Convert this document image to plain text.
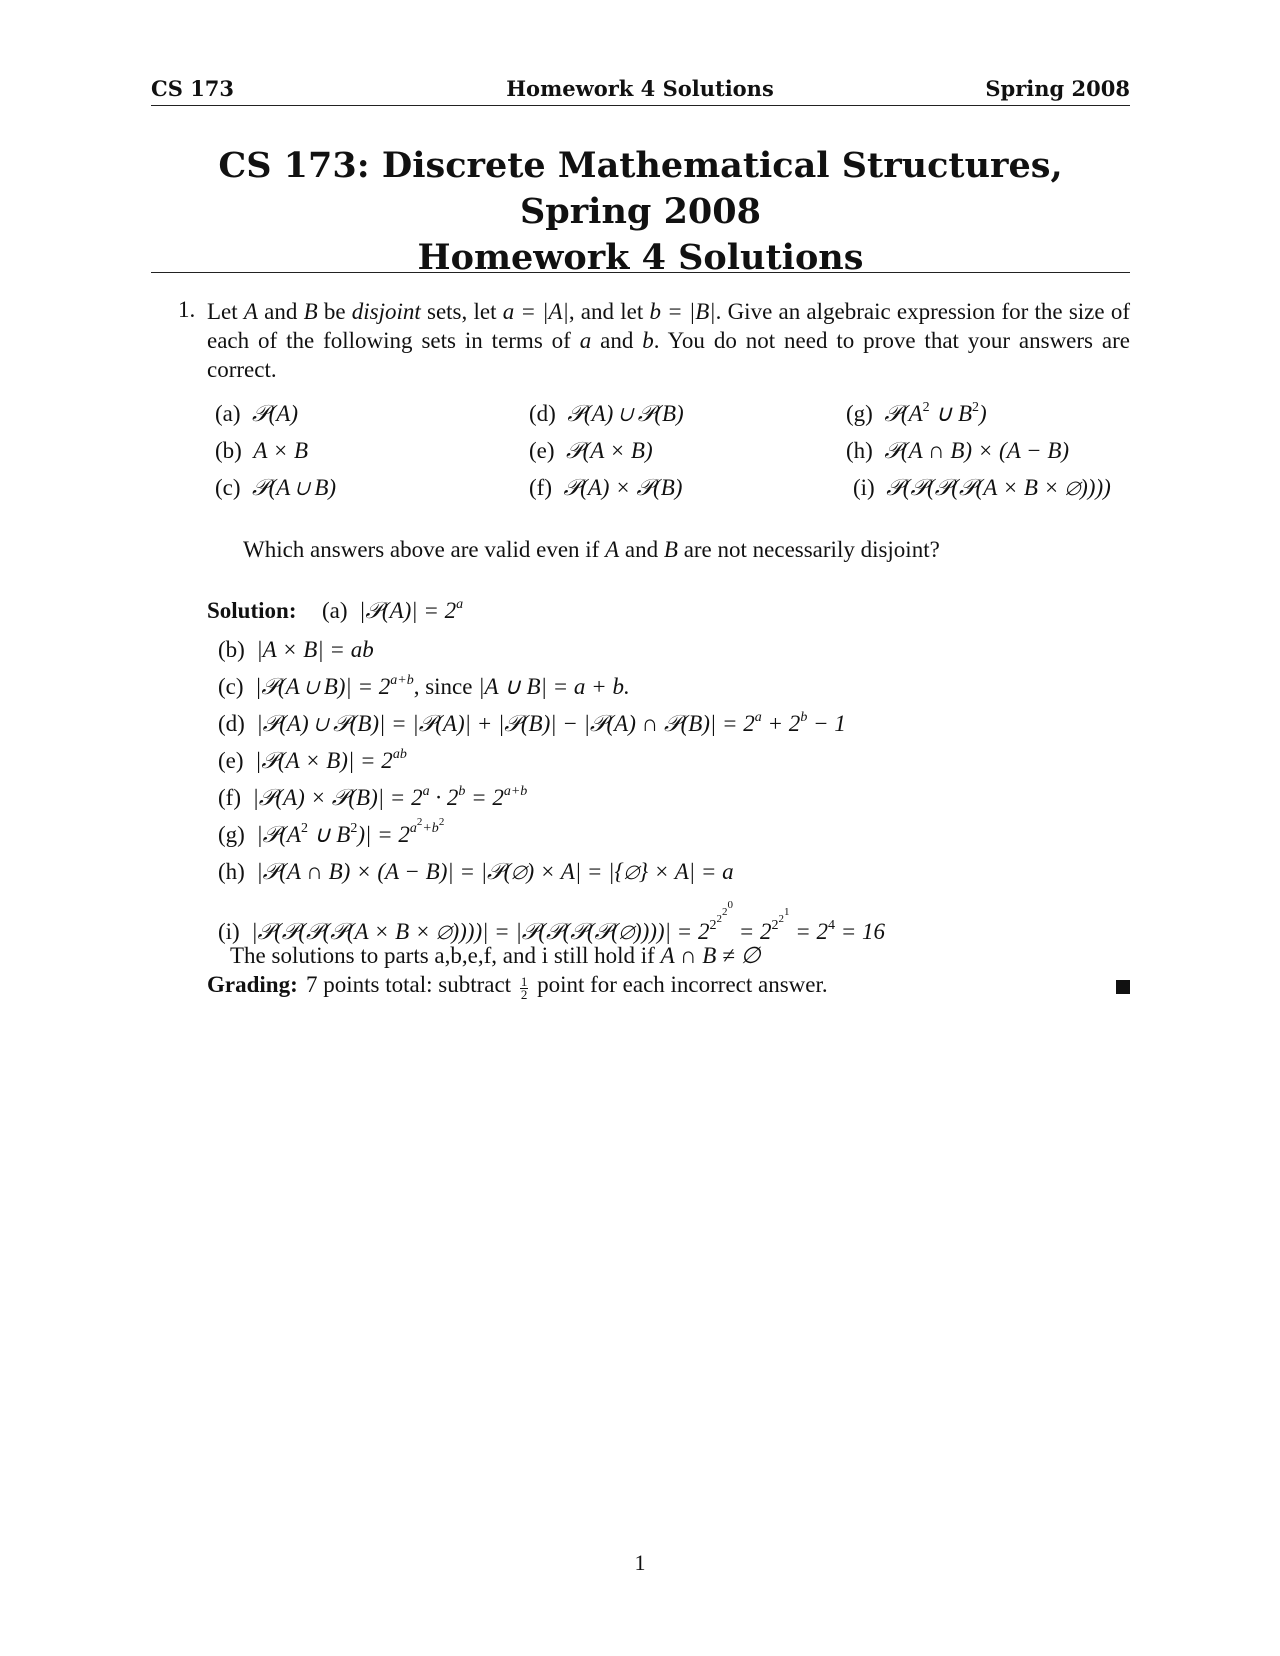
CS 173	Homework 4 Solutions	Spring 2008
CS 173: Discrete Mathematical Structures, Spring 2008
Homework 4 Solutions
1. Let A and B be disjoint sets, let a = |A|, and let b = |B|. Give an algebraic expression for the size of each of the following sets in terms of a and b. You do not need to prove that your answers are correct.
(a) 𝒫(A)
(b) A × B
(c) 𝒫(A ∪ B)
(d) 𝒫(A) ∪ 𝒫(B)
(e) 𝒫(A × B)
(f) 𝒫(A) × 𝒫(B)
(g) $𝒫(A^2$ ∪ $B^2$)
(h) 𝒫(A ∩ B) × (A − B)
(i) 𝒫(𝒫(𝒫(𝒫(A × B × ∅))))
Which answers above are valid even if A and B are not necessarily disjoint?
Solution: (a) |𝒫(A)| = $2^a$
(b) |A × B| = ab
(c) |𝒫(A ∪ $B)| = 2^{a+b}$, since |A ∪ B| = a + b.
(d) |𝒫(A) ∪ 𝒫(B)| = |𝒫(A)| + |𝒫(B)| − |𝒫(A) ∩ 𝒫(B)| = $2^a + 2^b - 1$
(e) |𝒫(A × $B)| = 2^{ab}$
(f) |𝒫(A) × 𝒫(B)| = $2^a \cdot 2^b = 2^{a+b}$
(g) $|𝒫(A^2$ ∪ $B^2)| = 2^{a^2+b^2}$
(h) |𝒫(A ∩ B) × (A − B)| = |𝒫(∅) × A| = |{∅} × A| = a
(i) |𝒫(𝒫(𝒫(𝒫(A × B × ∅))))| = |𝒫(𝒫(𝒫(𝒫(∅))))| = $2^{2^{2^{2^0}}} = 2^{2^{2^1}} = 2^4 = 16$
The solutions to parts a,b,e,f, and i still hold if A ∩ B ≠ ∅
Grading: 7 points total: subtract $\frac{1}{2}$ point for each incorrect answer.
1
